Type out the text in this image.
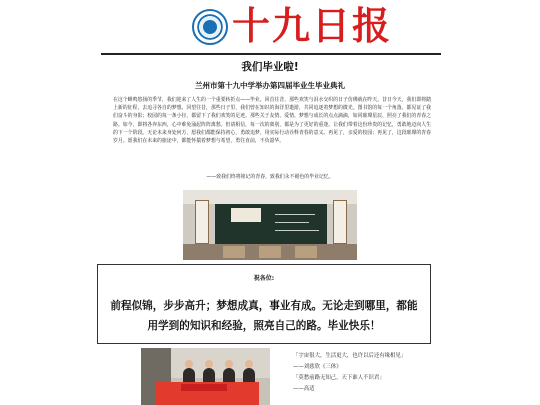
十九日报
我们毕业啦!
兰州市第十九中学举办第四届毕业生毕业典礼
在这个蝉鸣悠扬的季节，我们迎来了人生的一个重要转折点——毕业。回首往昔，那些欢笑与泪水交织的日子仿佛就在昨天。昔日今天，我们即将踏上新的征程，去追寻各自的梦想。回望往昔，那些日子里，我们曾在知识的海洋里遨游，共同追逐着梦想的微光。图书馆的每一个角落，都见证了我们奋斗的身影；校园的每一条小径，都留下了我们欢笑的足迹。那些关于友情、爱情、梦想与成长的点点滴滴，如同璀璨星辰，照亮了我们的青春之路。如今，即将各奔东西，心中难免涌起阵阵离愁。但请相信，每一次的离别，都是为了更好的重逢。让我们带着这份珍贵的记忆，勇敢地迈向人生的下一个阶段。无论未来身处何方，愿我们都能保持初心，勇敢追梦，用实际行动诠释青春的意义。再见了，亲爱的校园；再见了，这段璀璨的青春岁月。愿我们在未来的旅途中，都能怀揣着梦想与希望，勇往直前，不负韶华。
——致我们终将铭记的青春，致我们永不褪色的毕业记忆。
祝各位:
前程似锦，步步高升；梦想成真，事业有成。无论走到哪里，都能用学到的知识和经验，照亮自己的路。毕业快乐！
「宇宙很大，生活更大，也许以后还有缘相见」
——刘慈欣《三体》
「莫愁前路无知己，天下谁人不识君」
——高适
